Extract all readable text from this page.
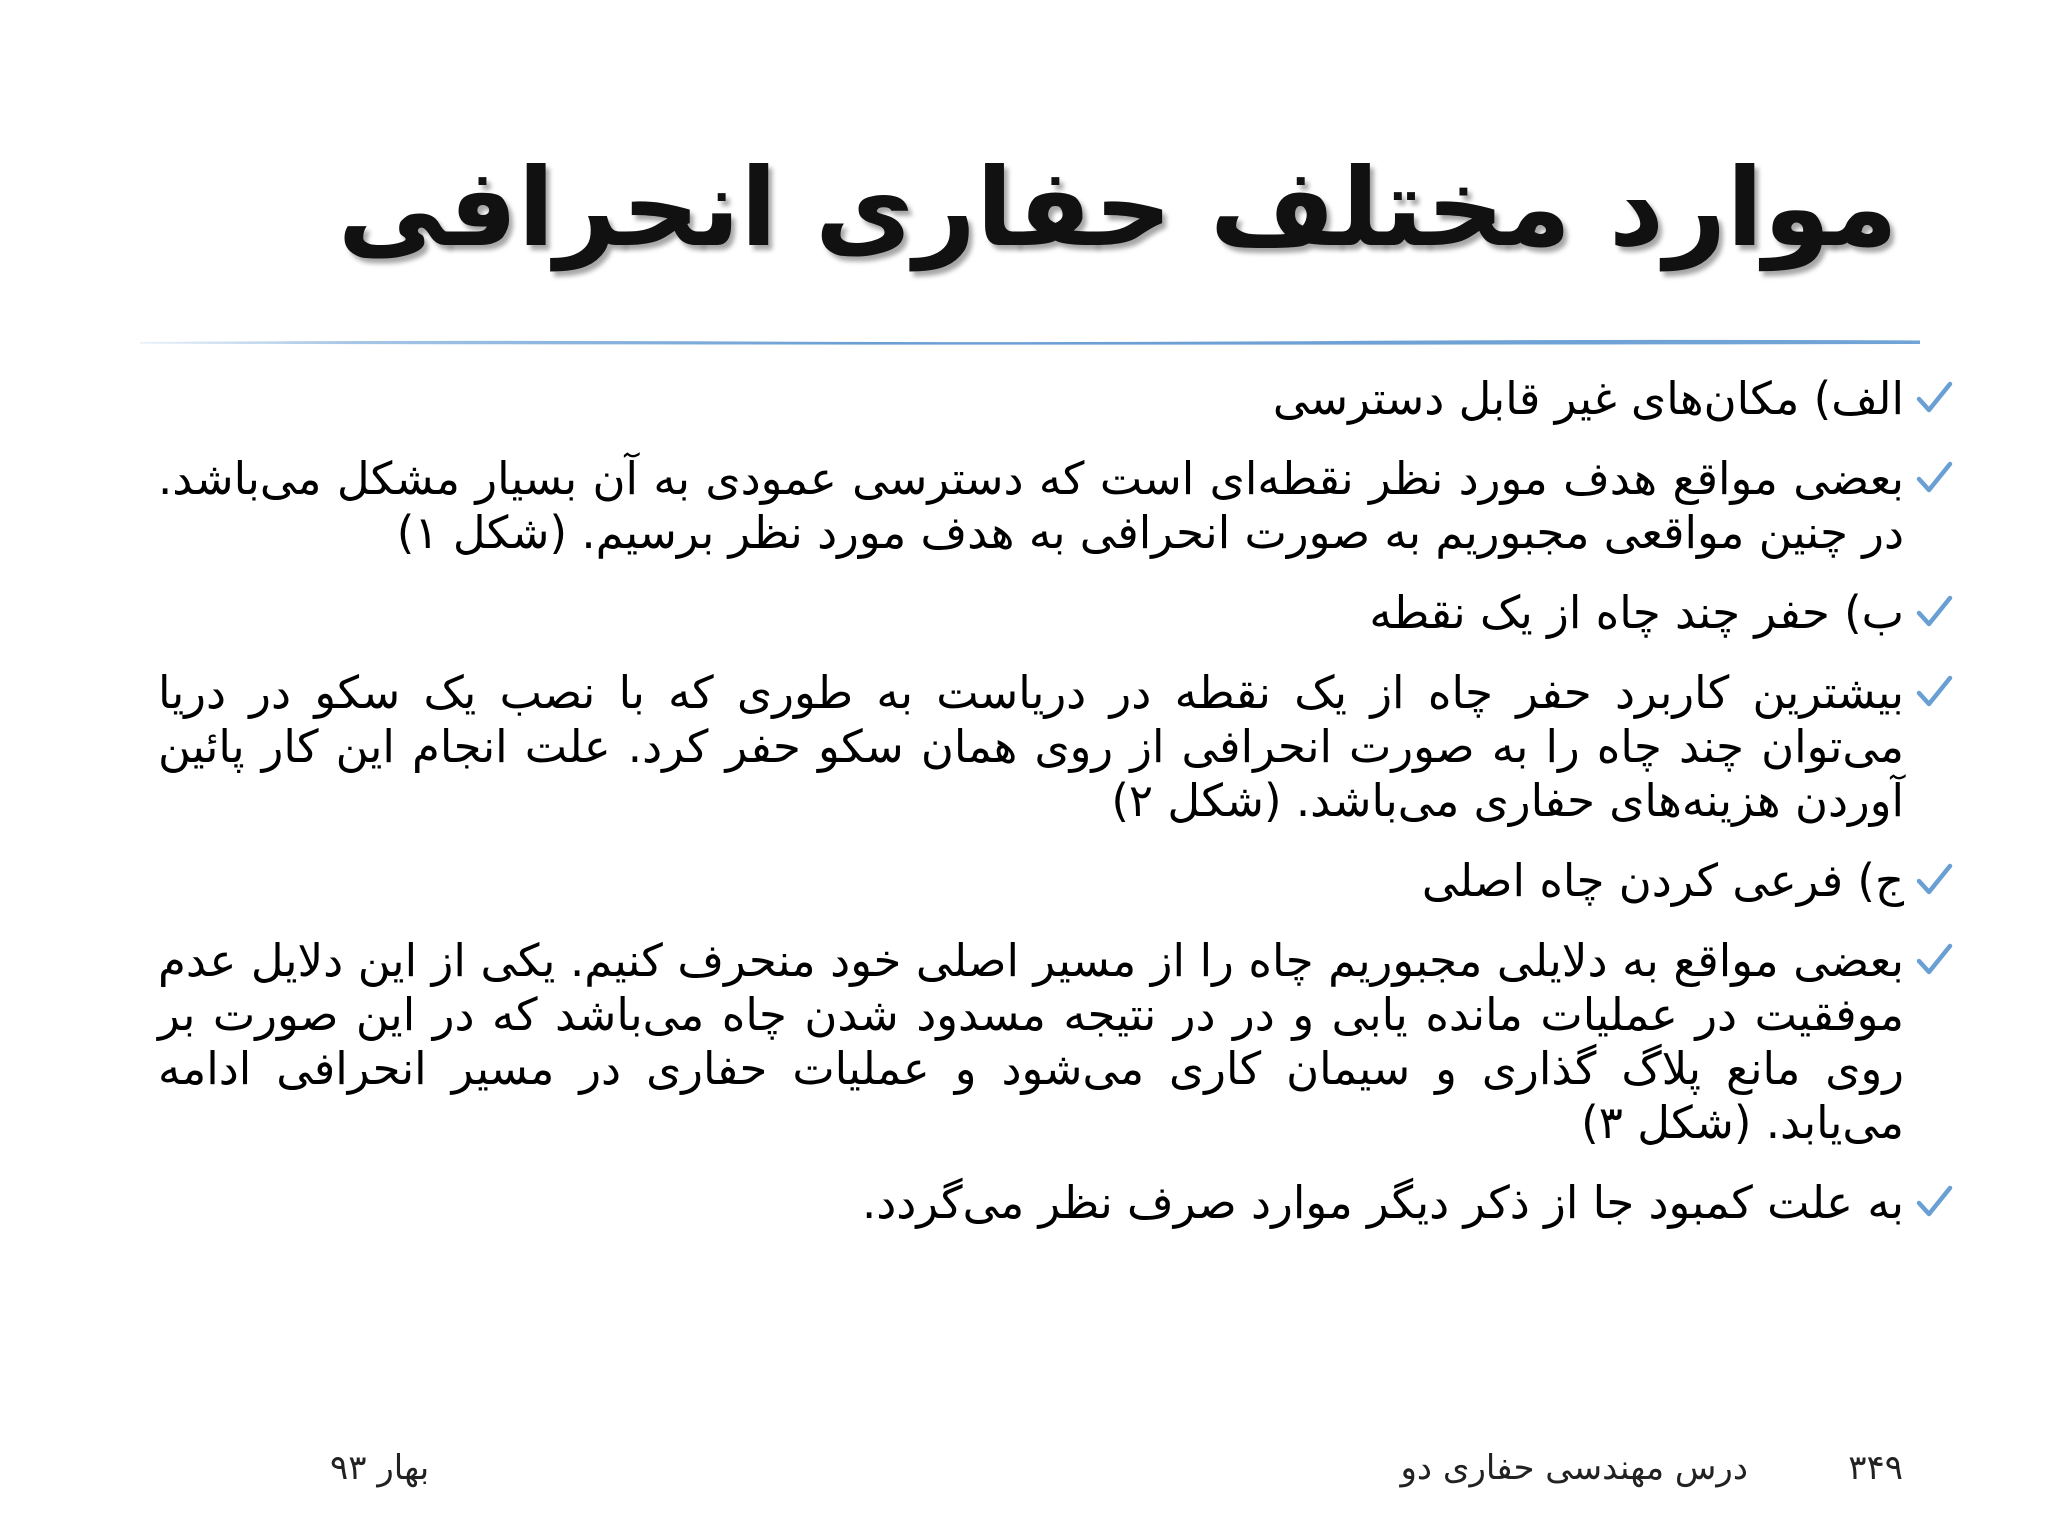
موارد مختلف حفاری انحرافی
الف) مکان‌های غیر قابل دسترسی
بعضی مواقع هدف مورد نظر نقطه‌ای است که دسترسی عمودی به آن بسیار مشکل می‌باشد. در چنین مواقعی مجبوریم به صورت انحرافی به هدف مورد نظر برسیم. (شکل ۱)
ب) حفر چند چاه از یک نقطه
بیشترین کاربرد حفر چاه از یک نقطه در دریاست به طوری که با نصب یک سکو در دریا می‌توان چند چاه را به صورت انحرافی از روی همان سکو حفر کرد. علت انجام این کار پائین آوردن هزینه‌های حفاری می‌باشد. (شکل ۲)
ج) فرعی کردن چاه اصلی
بعضی مواقع به دلایلی مجبوریم چاه را از مسیر اصلی خود منحرف کنیم. یکی از این دلایل عدم موفقیت در عملیات مانده یابی و در در نتیجه مسدود شدن چاه می‌باشد که در این صورت بر روی مانع پلاگ گذاری و سیمان کاری می‌شود و عملیات حفاری در مسیر انحرافی ادامه می‌یابد. (شکل ۳)
به علت کمبود جا از ذکر دیگر موارد صرف نظر می‌گردد.
۳۴۹
درس مهندسی حفاری دو
بهار ۹۳
